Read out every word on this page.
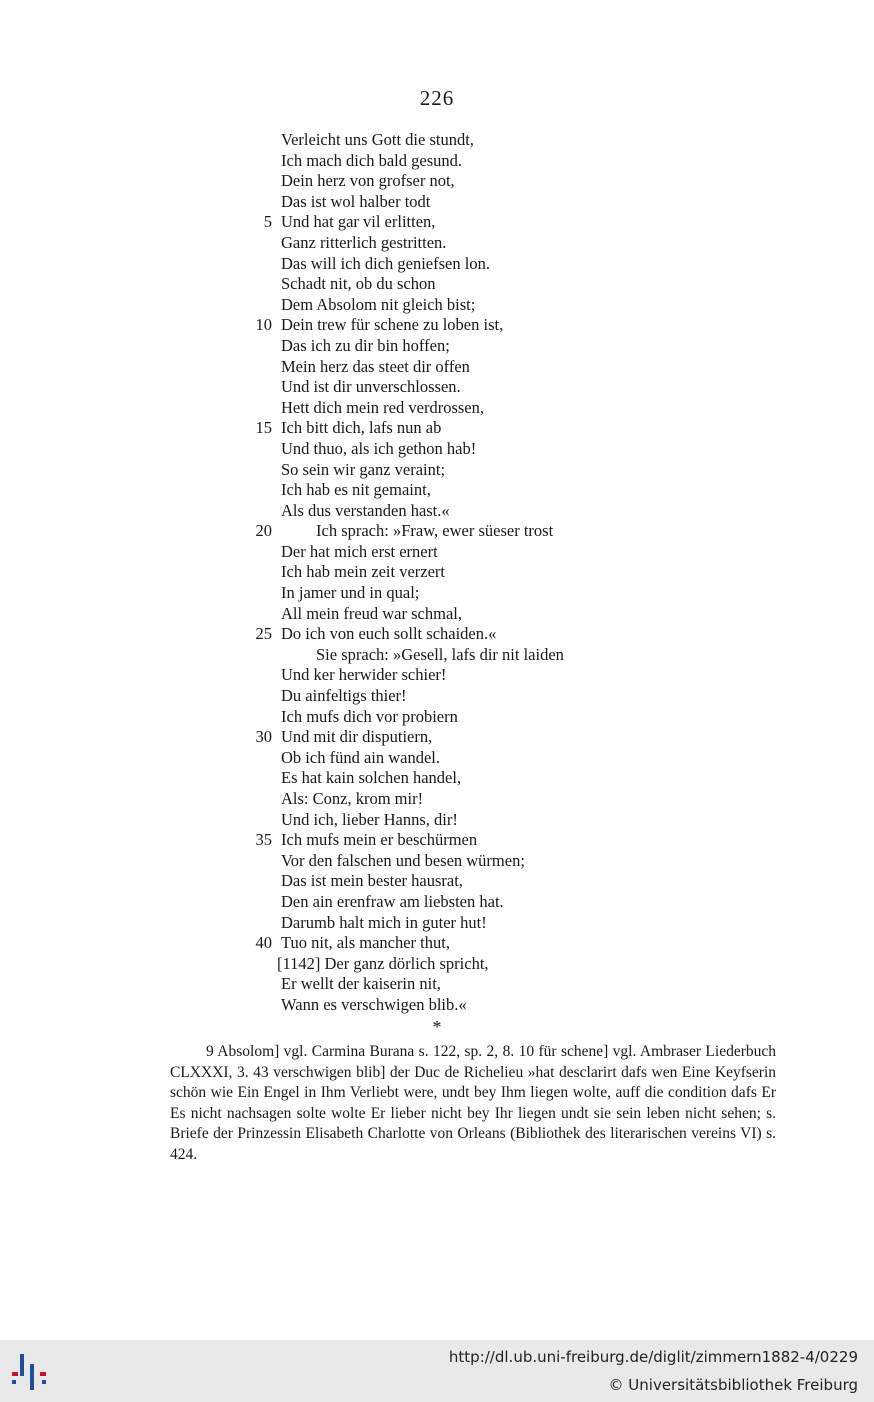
226
Verleicht uns Gott die stundt,
Ich mach dich bald gesund.
Dein herz von grofser not,
Das ist wol halber todt
5 Und hat gar vil erlitten,
Ganz ritterlich gestritten.
Das will ich dich geniefsen lon.
Schadt nit, ob du schon
Dem Absolom nit gleich bist;
10 Dein trew für schene zu loben ist,
Das ich zu dir bin hoffen;
Mein herz das steet dir offen
Und ist dir unverschlossen.
Hett dich mein red verdrossen,
15 Ich bitt dich, lafs nun ab
Und thuo, als ich gethon hab!
So sein wir ganz veraint;
Ich hab es nit gemaint,
Als dus verstanden hast.«
20	Ich sprach: »Fraw, ewer süeser trost
Der hat mich erst ernert
Ich hab mein zeit verzert
In jamer und in qual;
All mein freud war schmal,
25 Do ich von euch sollt schaiden.«
Sie sprach: »Gesell, lafs dir nit laiden
Und ker herwider schier!
Du ainfeltigs thier!
Ich mufs dich vor probiern
30 Und mit dir disputiern,
Ob ich fünd ain wandel.
Es hat kain solchen handel,
Als: Conz, krom mir!
Und ich, lieber Hanns, dir!
35 Ich mufs mein er beschürmen
Vor den falschen und besen würmen;
Das ist mein bester hausrat,
Den ain erenfraw am liebsten hat.
Darumb halt mich in guter hut!
40 Tuo nit, als mancher thut,
[1142] Der ganz dörlich spricht,
Er wellt der kaiserin nit,
Wann es verschwigen blib.«
*
9 Absolom] vgl. Carmina Burana s. 122, sp. 2, 8. 10 für schene] vgl. Ambraser Liederbuch CLXXXI, 3. 43 verschwigen blib] der Duc de Richelieu »hat desclarirt dafs wen Eine Keyfserin schön wie Ein Engel in Ihm Verliebt were, undt bey Ihm liegen wolte, auff die condition dafs Er Es nicht nachsagen solte wolte Er lieber nicht bey Ihr liegen undt sie sein leben nicht sehen; s. Briefe der Prinzessin Elisabeth Charlotte von Orleans (Bibliothek des literarischen vereins VI) s. 424.
http://dl.ub.uni-freiburg.de/diglit/zimmern1882-4/0229
© Universitätsbibliothek Freiburg
